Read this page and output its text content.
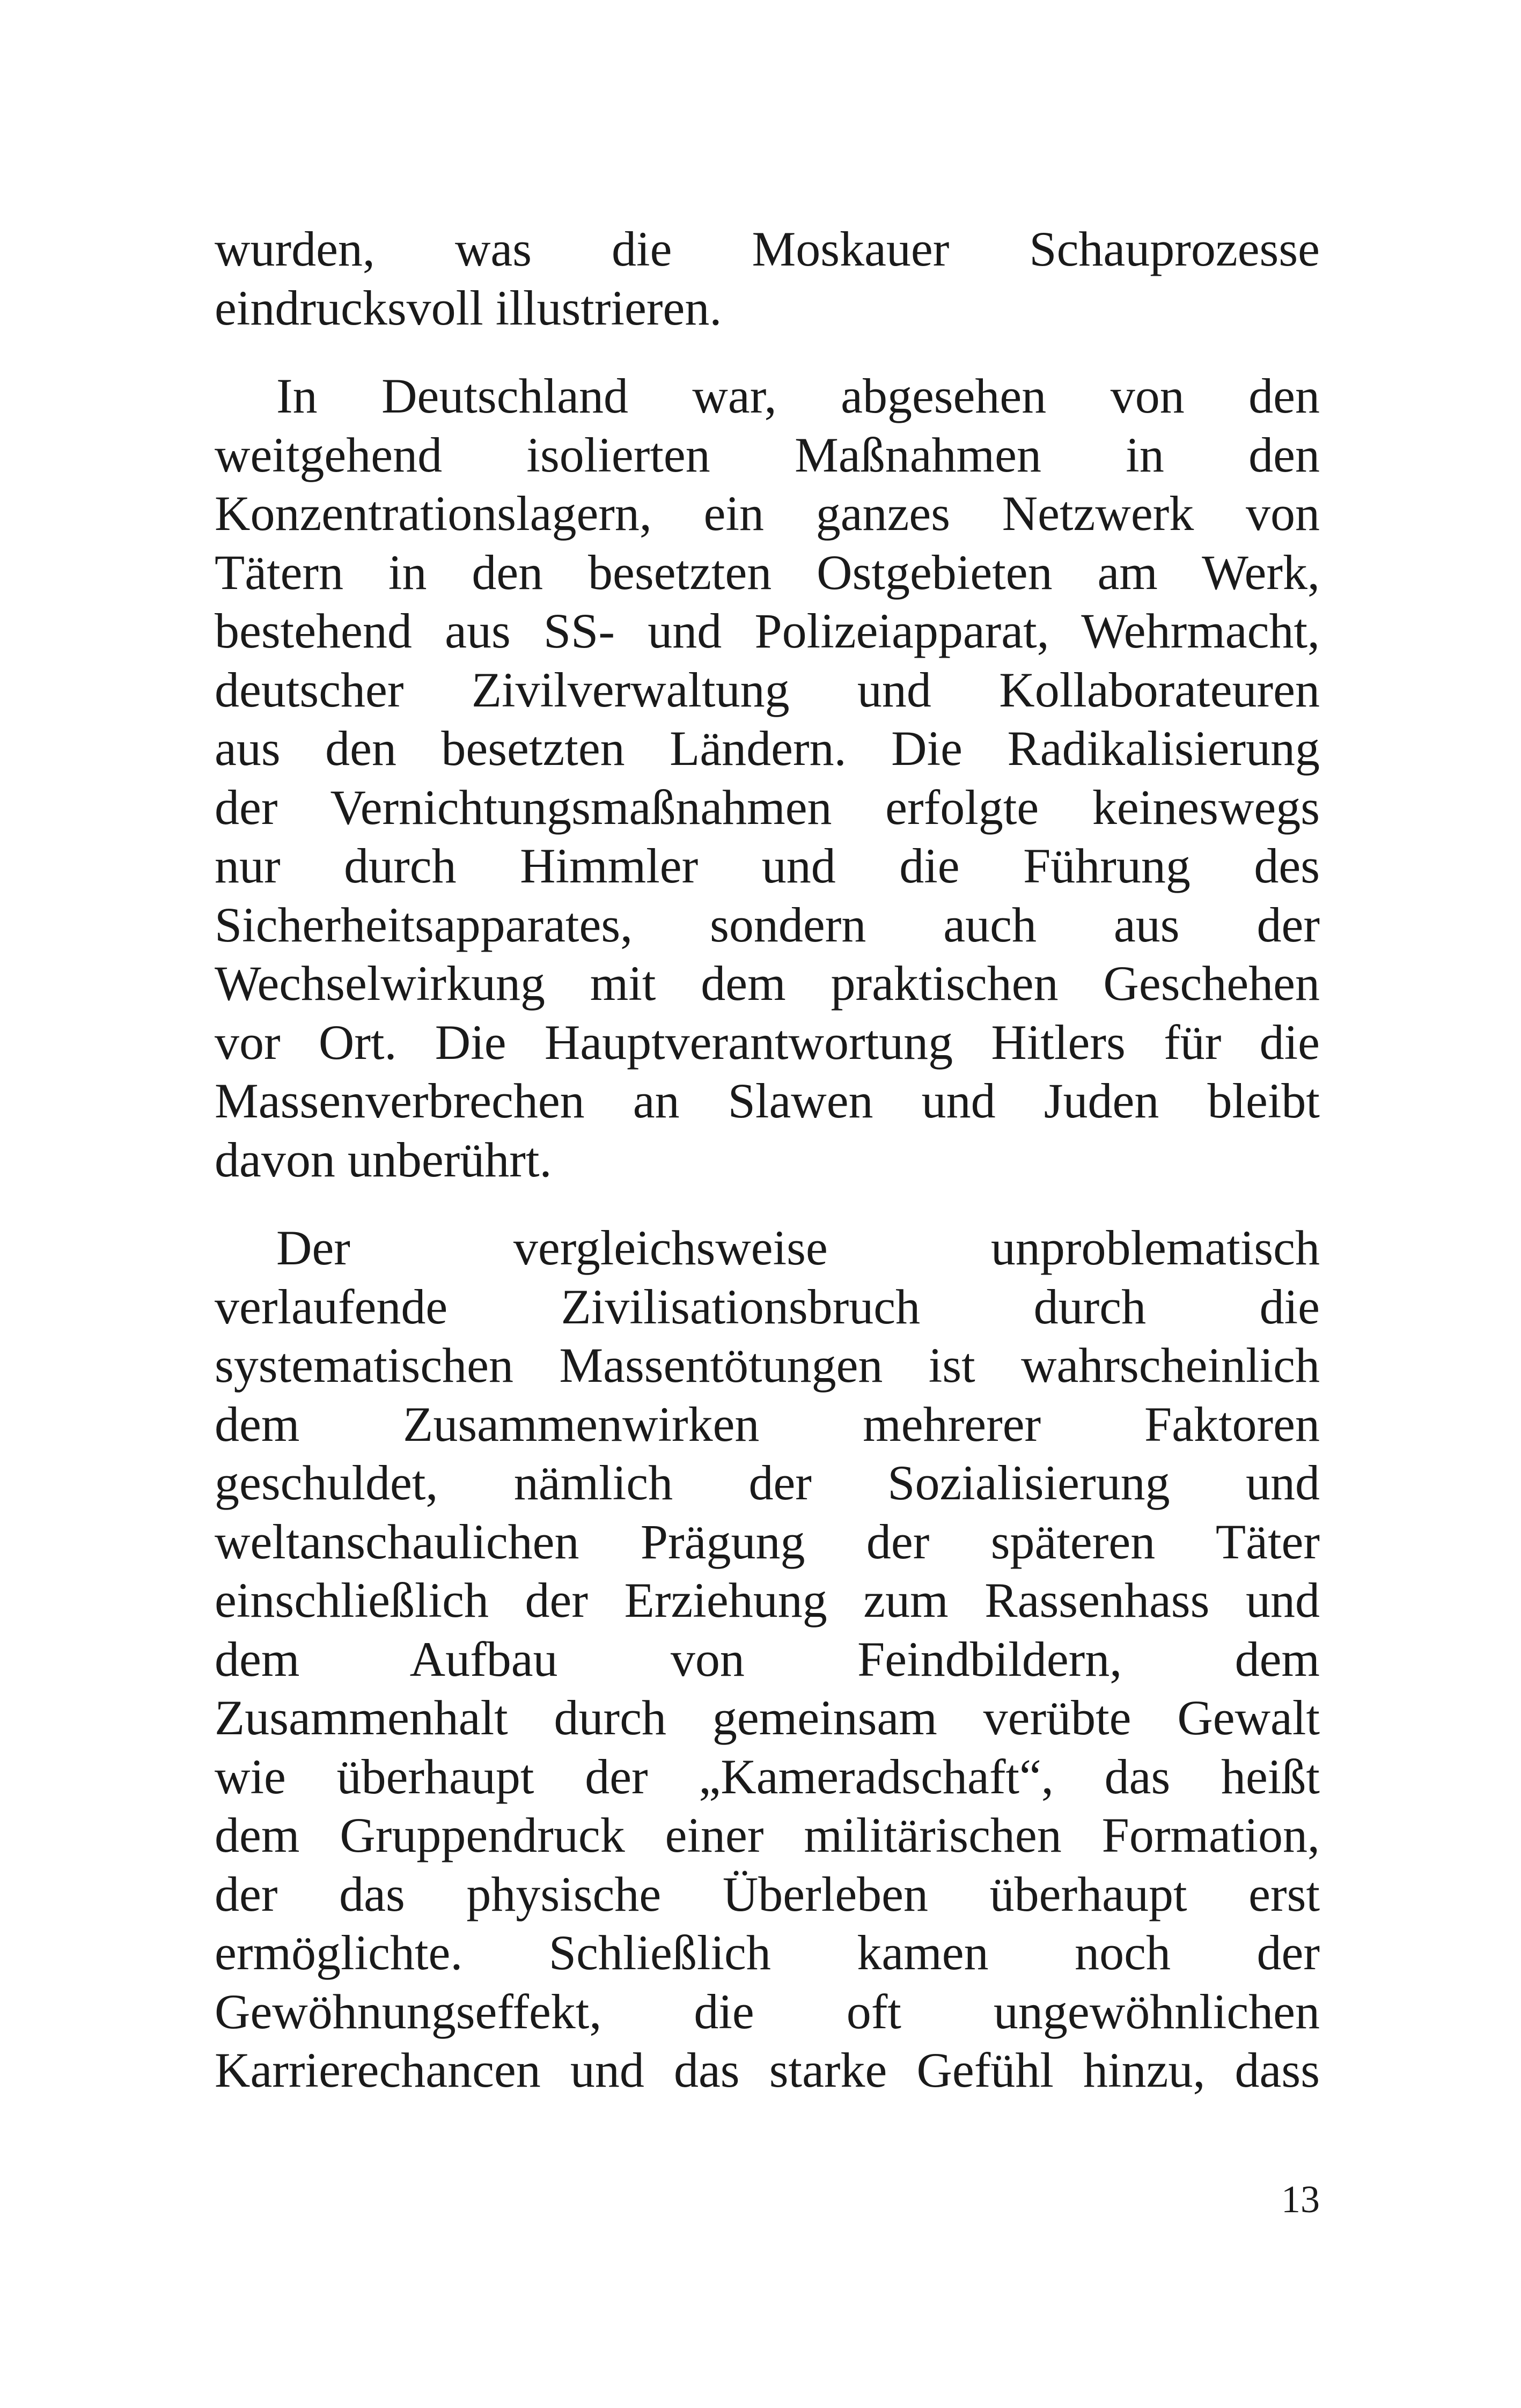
wurden, was die Moskauer Schauprozesse
eindrucksvoll illustrieren.
In Deutschland war, abgesehen von den
weitgehend isolierten Maßnahmen in den
Konzentrationslagern, ein ganzes Netzwerk von
Tätern in den besetzten Ostgebieten am Werk,
bestehend aus SS- und Polizeiapparat, Wehrmacht,
deutscher Zivilverwaltung und Kollaborateuren
aus den besetzten Ländern. Die Radikalisierung
der Vernichtungsmaßnahmen erfolgte keineswegs
nur durch Himmler und die Führung des
Sicherheitsapparates, sondern auch aus der
Wechselwirkung mit dem praktischen Geschehen
vor Ort. Die Hauptverantwortung Hitlers für die
Massenverbrechen an Slawen und Juden bleibt
davon unberührt.
Der vergleichsweise unproblematisch
verlaufende Zivilisationsbruch durch die
systematischen Massentötungen ist wahrscheinlich
dem Zusammenwirken mehrerer Faktoren
geschuldet, nämlich der Sozialisierung und
weltanschaulichen Prägung der späteren Täter
einschließlich der Erziehung zum Rassenhass und
dem Aufbau von Feindbildern, dem
Zusammenhalt durch gemeinsam verübte Gewalt
wie überhaupt der „Kameradschaft“, das heißt
dem Gruppendruck einer militärischen Formation,
der das physische Überleben überhaupt erst
ermöglichte. Schließlich kamen noch der
Gewöhnungseffekt, die oft ungewöhnlichen
Karrierechancen und das starke Gefühl hinzu, dass
13
